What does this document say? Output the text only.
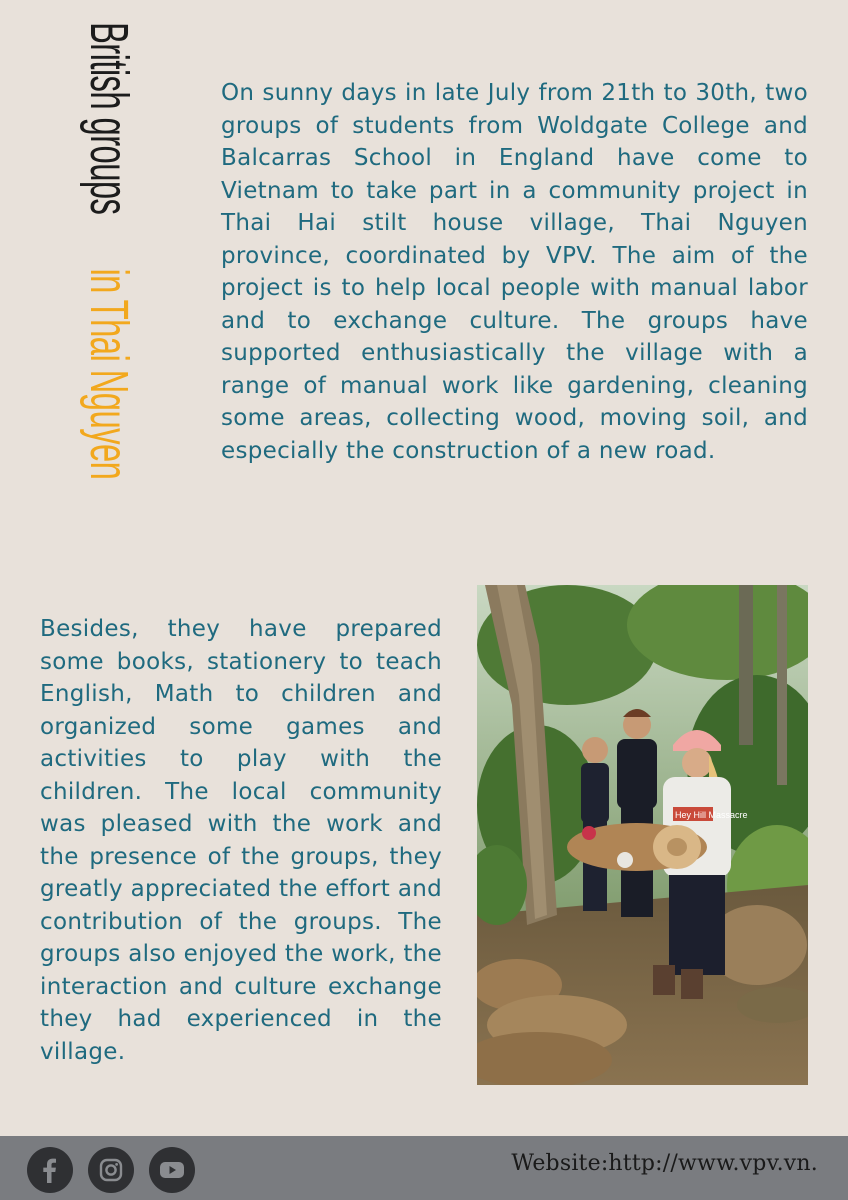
British groupsinThai Nguyen

On sunny days in late July from 21th to 30th, two groups of students from Woldgate College and Balcarras School in England have come to Vietnam to take part in a community project in Thai Hai stilt house village, Thai Nguyen province, coordinated by VPV. The aim of the project is to help local people with manual labor and to exchange culture. The groups have supported enthusiastically the village with a range of manual work like gardening, cleaning some areas, collecting wood, moving soil, and especially the construction of a new road.

Besides, they have prepared some books, stationery to teach English, Math to children and organized some games and activities to play with the children. The local community was pleased with the work and the presence of the groups, they greatly appreciated the effort and contribution of the groups. The groups also enjoyed the work, the interaction and culture exchange they had experienced in the village.

Hey Hill Massacre
Website:http://www.vpv.vn.
